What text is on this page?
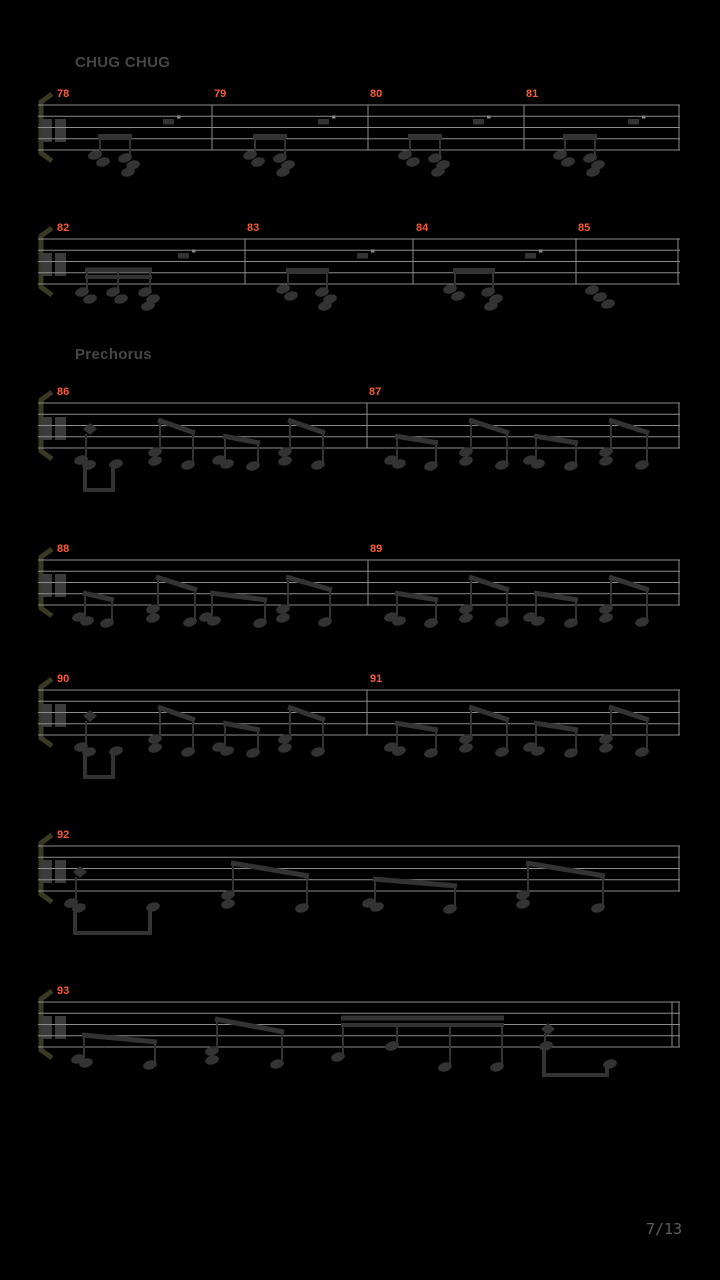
CHUG CHUG
Prechorus
78	79	80	81
82	83	84	85
86	87
88	89
90	91
92
93
7/13
